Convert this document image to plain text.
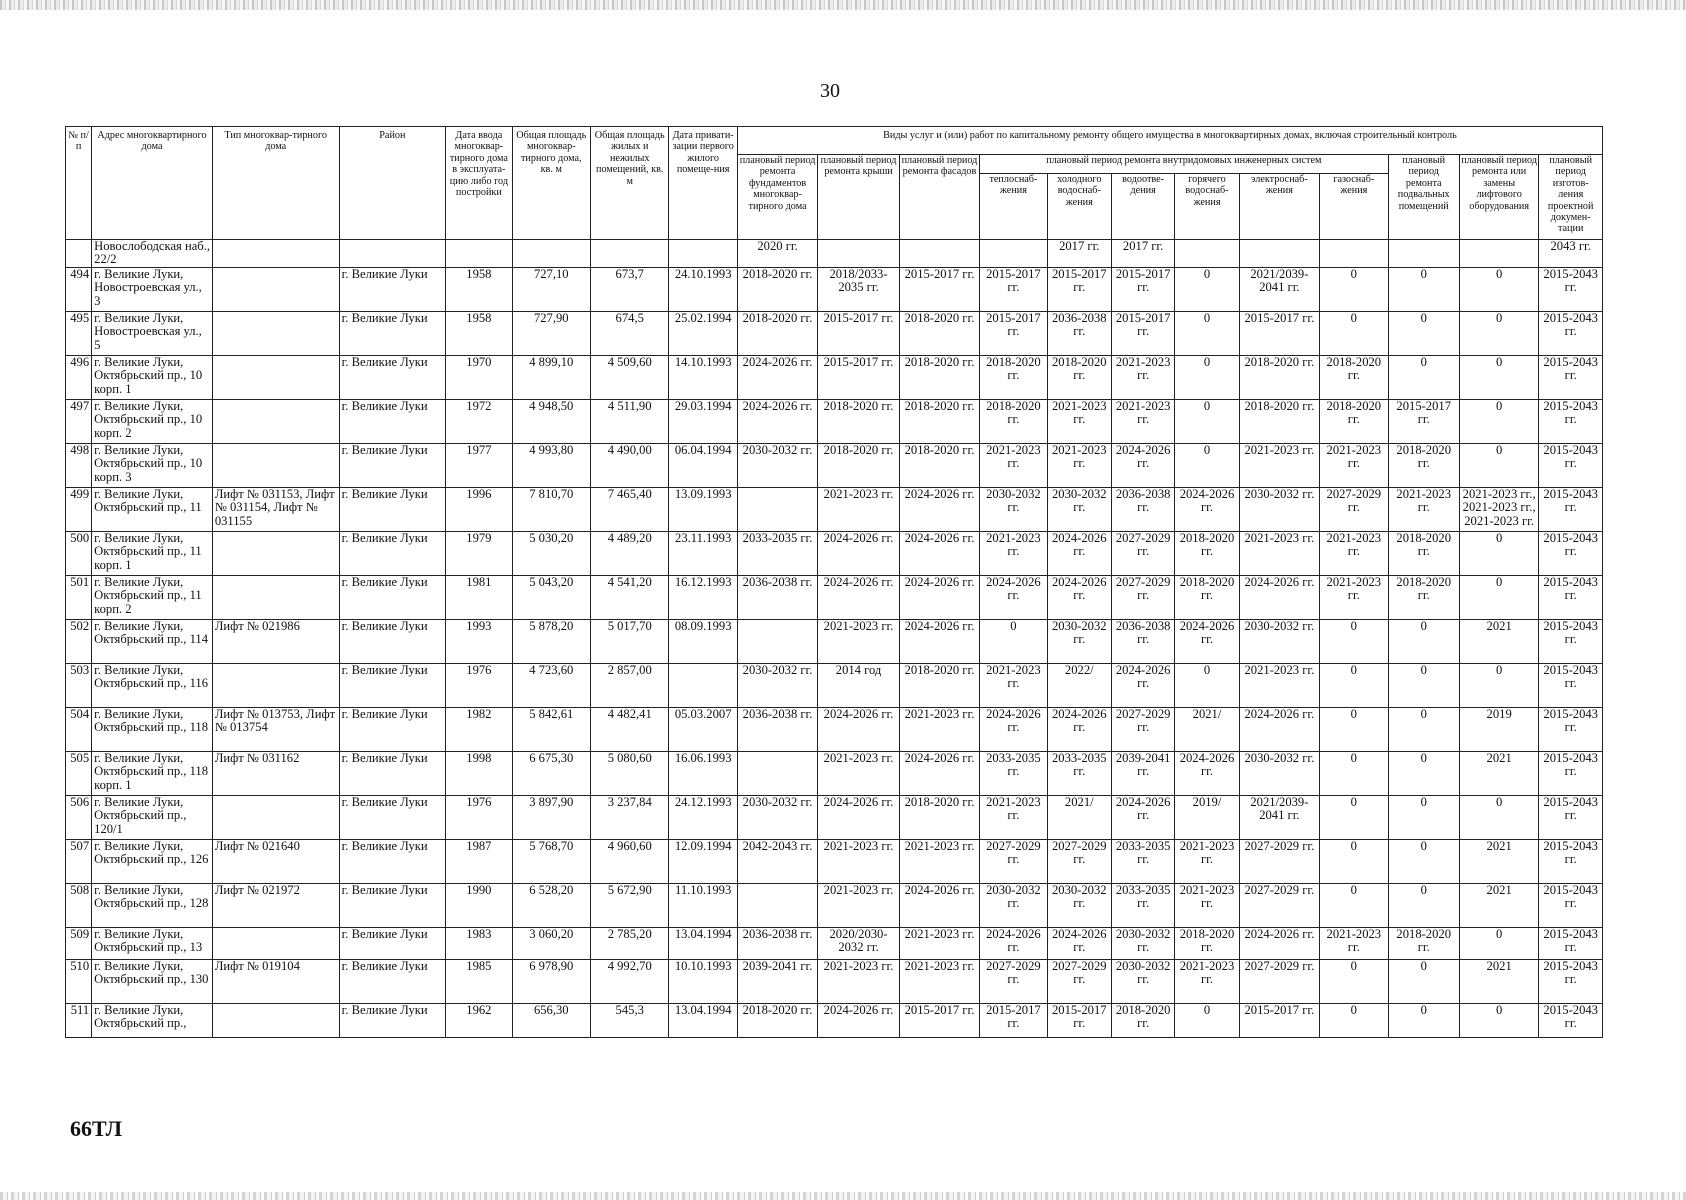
30
№ п/п	Адрес многоквартирного дома	Тип многоквар-тирного дома	Район	Дата ввода многоквар-тирного дома в эксплуата-цию либо год постройки	Общая площадь многоквар-тирного дома, кв. м	Общая площадь жилых и нежилых помещений, кв. м	Дата привати-зации первого жилого помеще-ния	Виды услуг и (или) работ по капитальному ремонту общего имущества в многоквартирных домах, включая строительный контроль											
								плановый период ремонта фундаментов многоквар-тирного дома	плановый период ремонта крыши	плановый период ремонта фасадов	плановый период ремонта внутридомовых инженерных систем						плановый период ремонта подвальных помещений	плановый период ремонта или замены лифтового оборудования	плановый период изготов-ления проектной докумен-тации
											теплоснаб-жения	холодного водоснаб-жения	водоотве-дения	горячего водоснаб-жения	электроснаб-жения	газоснаб-жения			
	Новослободская наб., 22/2							2020 гг.				2017 гг.	2017 гг.						2043 гг.
494	г. Великие Луки, Новостроевская ул., 3		г. Великие Луки	1958	727,10	673,7	24.10.1993	2018-2020 гг.	2018/2033-2035 гг.	2015-2017 гг.	2015-2017 гг.	2015-2017 гг.	2015-2017 гг.	0	2021/2039-2041 гг.	0	0	0	2015-2043 гг.
495	г. Великие Луки, Новостроевская ул., 5		г. Великие Луки	1958	727,90	674,5	25.02.1994	2018-2020 гг.	2015-2017 гг.	2018-2020 гг.	2015-2017 гг.	2036-2038 гг.	2015-2017 гг.	0	2015-2017 гг.	0	0	0	2015-2043 гг.
496	г. Великие Луки, Октябрьский пр., 10 корп. 1		г. Великие Луки	1970	4 899,10	4 509,60	14.10.1993	2024-2026 гг.	2015-2017 гг.	2018-2020 гг.	2018-2020 гг.	2018-2020 гг.	2021-2023 гг.	0	2018-2020 гг.	2018-2020 гг.	0	0	2015-2043 гг.
497	г. Великие Луки, Октябрьский пр., 10 корп. 2		г. Великие Луки	1972	4 948,50	4 511,90	29.03.1994	2024-2026 гг.	2018-2020 гг.	2018-2020 гг.	2018-2020 гг.	2021-2023 гг.	2021-2023 гг.	0	2018-2020 гг.	2018-2020 гг.	2015-2017 гг.	0	2015-2043 гг.
498	г. Великие Луки, Октябрьский пр., 10 корп. 3		г. Великие Луки	1977	4 993,80	4 490,00	06.04.1994	2030-2032 гг.	2018-2020 гг.	2018-2020 гг.	2021-2023 гг.	2021-2023 гг.	2024-2026 гг.	0	2021-2023 гг.	2021-2023 гг.	2018-2020 гг.	0	2015-2043 гг.
499	г. Великие Луки, Октябрьский пр., 11	Лифт № 031153, Лифт № 031154, Лифт № 031155	г. Великие Луки	1996	7 810,70	7 465,40	13.09.1993		2021-2023 гг.	2024-2026 гг.	2030-2032 гг.	2030-2032 гг.	2036-2038 гг.	2024-2026 гг.	2030-2032 гг.	2027-2029 гг.	2021-2023 гг.	2021-2023 гг., 2021-2023 гг., 2021-2023 гг.	2015-2043 гг.
500	г. Великие Луки, Октябрьский пр., 11 корп. 1		г. Великие Луки	1979	5 030,20	4 489,20	23.11.1993	2033-2035 гг.	2024-2026 гг.	2024-2026 гг.	2021-2023 гг.	2024-2026 гг.	2027-2029 гг.	2018-2020 гг.	2021-2023 гг.	2021-2023 гг.	2018-2020 гг.	0	2015-2043 гг.
501	г. Великие Луки, Октябрьский пр., 11 корп. 2		г. Великие Луки	1981	5 043,20	4 541,20	16.12.1993	2036-2038 гг.	2024-2026 гг.	2024-2026 гг.	2024-2026 гг.	2024-2026 гг.	2027-2029 гг.	2018-2020 гг.	2024-2026 гг.	2021-2023 гг.	2018-2020 гг.	0	2015-2043 гг.
502	г. Великие Луки, Октябрьский пр., 114	Лифт № 021986	г. Великие Луки	1993	5 878,20	5 017,70	08.09.1993		2021-2023 гг.	2024-2026 гг.	0	2030-2032 гг.	2036-2038 гг.	2024-2026 гг.	2030-2032 гг.	0	0	2021	2015-2043 гг.
503	г. Великие Луки, Октябрьский пр., 116		г. Великие Луки	1976	4 723,60	2 857,00		2030-2032 гг.	2014 год	2018-2020 гг.	2021-2023 гг.	2022/	2024-2026 гг.	0	2021-2023 гг.	0	0	0	2015-2043 гг.
504	г. Великие Луки, Октябрьский пр., 118	Лифт № 013753, Лифт № 013754	г. Великие Луки	1982	5 842,61	4 482,41	05.03.2007	2036-2038 гг.	2024-2026 гг.	2021-2023 гг.	2024-2026 гг.	2024-2026 гг.	2027-2029 гг.	2021/	2024-2026 гг.	0	0	2019	2015-2043 гг.
505	г. Великие Луки, Октябрьский пр., 118 корп. 1	Лифт № 031162	г. Великие Луки	1998	6 675,30	5 080,60	16.06.1993		2021-2023 гг.	2024-2026 гг.	2033-2035 гг.	2033-2035 гг.	2039-2041 гг.	2024-2026 гг.	2030-2032 гг.	0	0	2021	2015-2043 гг.
506	г. Великие Луки, Октябрьский пр., 120/1		г. Великие Луки	1976	3 897,90	3 237,84	24.12.1993	2030-2032 гг.	2024-2026 гг.	2018-2020 гг.	2021-2023 гг.	2021/	2024-2026 гг.	2019/	2021/2039-2041 гг.	0	0	0	2015-2043 гг.
507	г. Великие Луки, Октябрьский пр., 126	Лифт № 021640	г. Великие Луки	1987	5 768,70	4 960,60	12.09.1994	2042-2043 гг.	2021-2023 гг.	2021-2023 гг.	2027-2029 гг.	2027-2029 гг.	2033-2035 гг.	2021-2023 гг.	2027-2029 гг.	0	0	2021	2015-2043 гг.
508	г. Великие Луки, Октябрьский пр., 128	Лифт № 021972	г. Великие Луки	1990	6 528,20	5 672,90	11.10.1993		2021-2023 гг.	2024-2026 гг.	2030-2032 гг.	2030-2032 гг.	2033-2035 гг.	2021-2023 гг.	2027-2029 гг.	0	0	2021	2015-2043 гг.
509	г. Великие Луки, Октябрьский пр., 13		г. Великие Луки	1983	3 060,20	2 785,20	13.04.1994	2036-2038 гг.	2020/2030-2032 гг.	2021-2023 гг.	2024-2026 гг.	2024-2026 гг.	2030-2032 гг.	2018-2020 гг.	2024-2026 гг.	2021-2023 гг.	2018-2020 гг.	0	2015-2043 гг.
510	г. Великие Луки, Октябрьский пр., 130	Лифт № 019104	г. Великие Луки	1985	6 978,90	4 992,70	10.10.1993	2039-2041 гг.	2021-2023 гг.	2021-2023 гг.	2027-2029 гг.	2027-2029 гг.	2030-2032 гг.	2021-2023 гг.	2027-2029 гг.	0	0	2021	2015-2043 гг.
511	г. Великие Луки, Октябрьский пр.,		г. Великие Луки	1962	656,30	545,3	13.04.1994	2018-2020 гг.	2024-2026 гг.	2015-2017 гг.	2015-2017 гг.	2015-2017 гг.	2018-2020 гг.	0	2015-2017 гг.	0	0	0	2015-2043 гг.
66ТЛ
